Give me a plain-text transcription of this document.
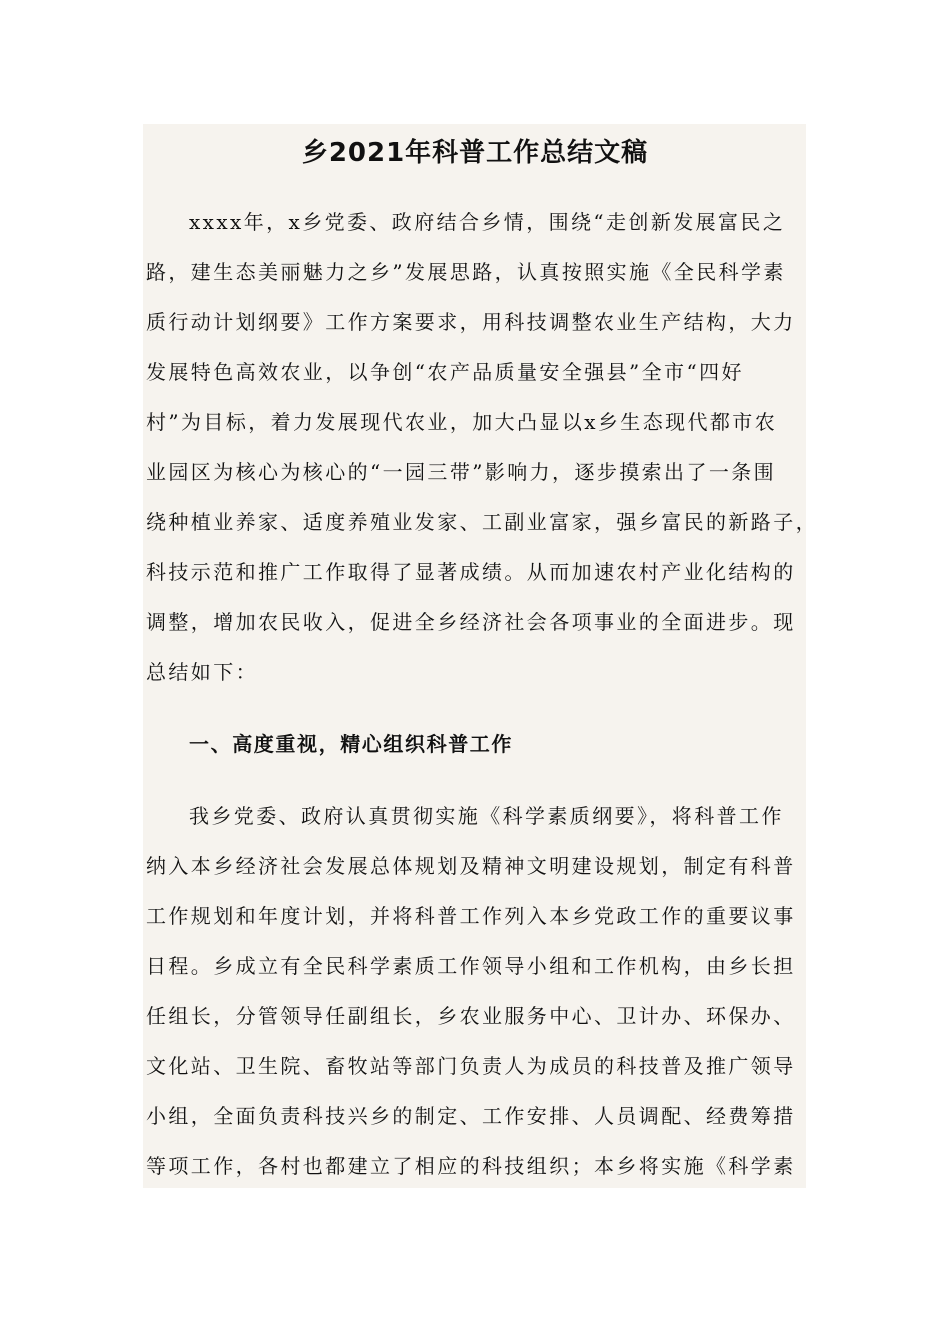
乡2021年科普工作总结文稿

xxxx年，x乡党委、政府结合乡情，围绕“走创新发展富民之

路，建生态美丽魅力之乡”发展思路，认真按照实施《全民科学素

质行动计划纲要》工作方案要求，用科技调整农业生产结构，大力

发展特色高效农业，以争创“农产品质量安全强县”全市“四好

村”为目标，着力发展现代农业，加大凸显以x乡生态现代都市农

业园区为核心为核心的“一园三带”影响力，逐步摸索出了一条围

绕种植业养家、适度养殖业发家、工副业富家，强乡富民的新路子，

科技示范和推广工作取得了显著成绩。从而加速农村产业化结构的

调整，增加农民收入，促进全乡经济社会各项事业的全面进步。现

总结如下：

一、高度重视，精心组织科普工作

我乡党委、政府认真贯彻实施《科学素质纲要》，将科普工作

纳入本乡经济社会发展总体规划及精神文明建设规划，制定有科普

工作规划和年度计划，并将科普工作列入本乡党政工作的重要议事

日程。乡成立有全民科学素质工作领导小组和工作机构，由乡长担

任组长，分管领导任副组长，乡农业服务中心、卫计办、环保办、

文化站、卫生院、畜牧站等部门负责人为成员的科技普及推广领导

小组，全面负责科技兴乡的制定、工作安排、人员调配、经费筹措

等项工作，各村也都建立了相应的科技组织；本乡将实施《科学素
